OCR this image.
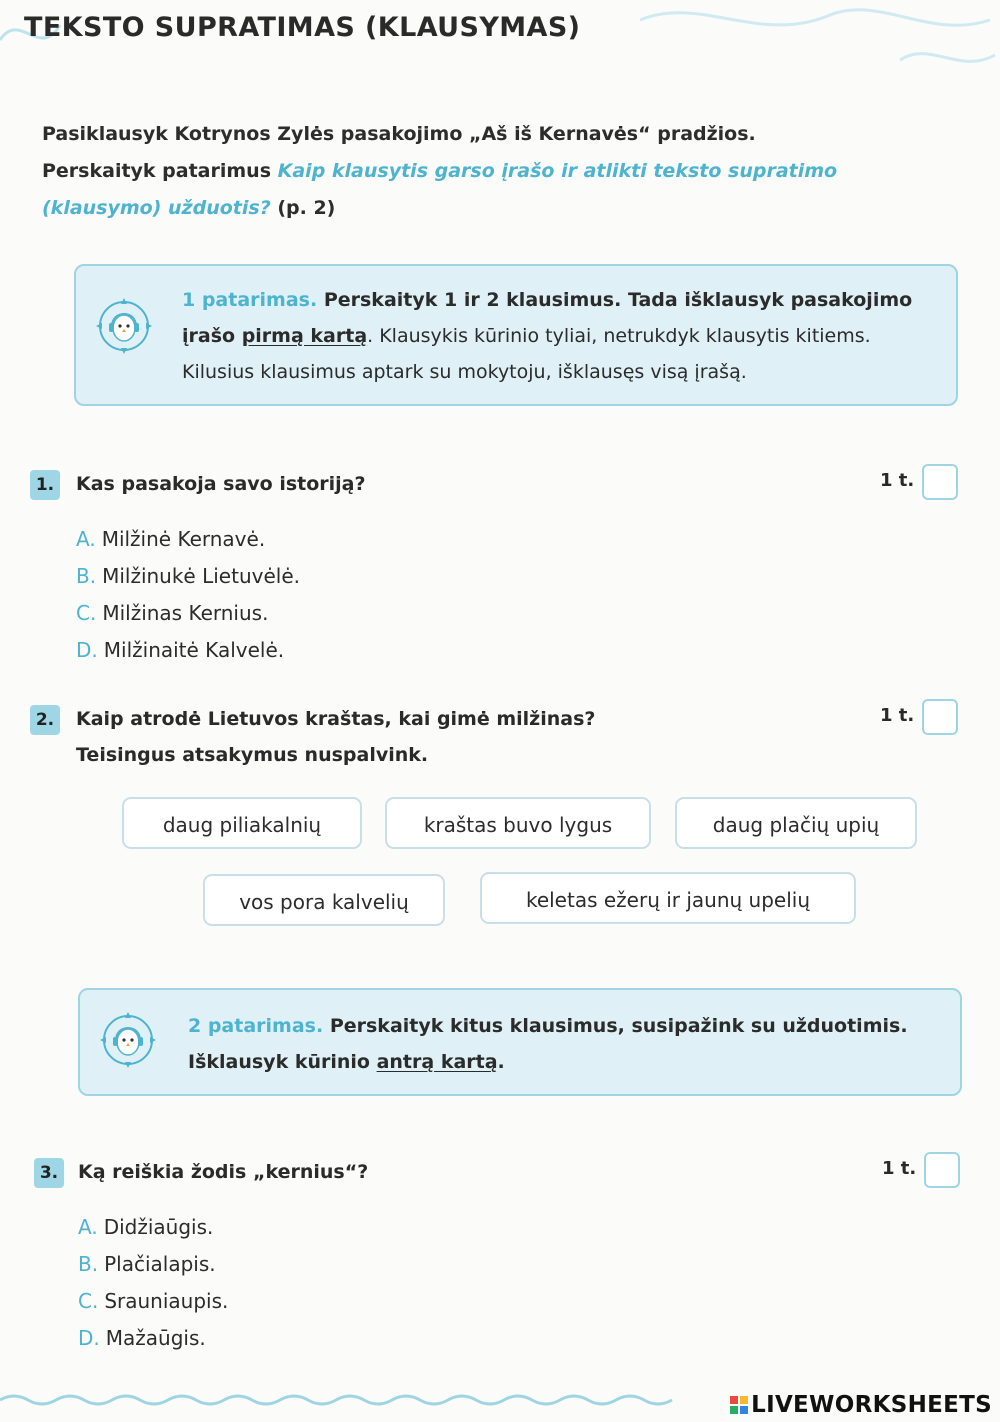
TEKSTO SUPRATIMAS (KLAUSYMAS)
Pasiklausyk Kotrynos Zylės pasakojimo „Aš iš Kernavės“ pradžios.
Perskaityk patarimus Kaip klausytis garso įrašo ir atlikti teksto supratimo (klausymo) užduotis? (p. 2)
1 patarimas. Perskaityk 1 ir 2 klausimus. Tada išklausyk pasakojimo įrašo pirmą kartą. Klausykis kūrinio tyliai, netrukdyk klausytis kitiems. Kilusius klausimus aptark su mokytoju, išklausęs visą įrašą.
1.	Kas pasakoja savo istoriją?	1 t.
A. Milžinė Kernavė.
B. Milžinukė Lietuvėlė.
C. Milžinas Kernius.
D. Milžinaitė Kalvelė.
2.	Kaip atrodė Lietuvos kraštas, kai gimė milžinas?
Teisingus atsakymus nuspalvink.
1 t.
daug piliakalnių	kraštas buvo lygus	daug plačių upių
vos pora kalvelių	keletas ežerų ir jaunų upelių
2 patarimas. Perskaityk kitus klausimus, susipažink su užduotimis. Išklausyk kūrinio antrą kartą.
3.	Ką reiškia žodis „kernius“?	1 t.
A. Didžiaūgis.
B. Plačialapis.
C. Srauniaupis.
D. Mažaūgis.
LIVEWORKSHEETS
